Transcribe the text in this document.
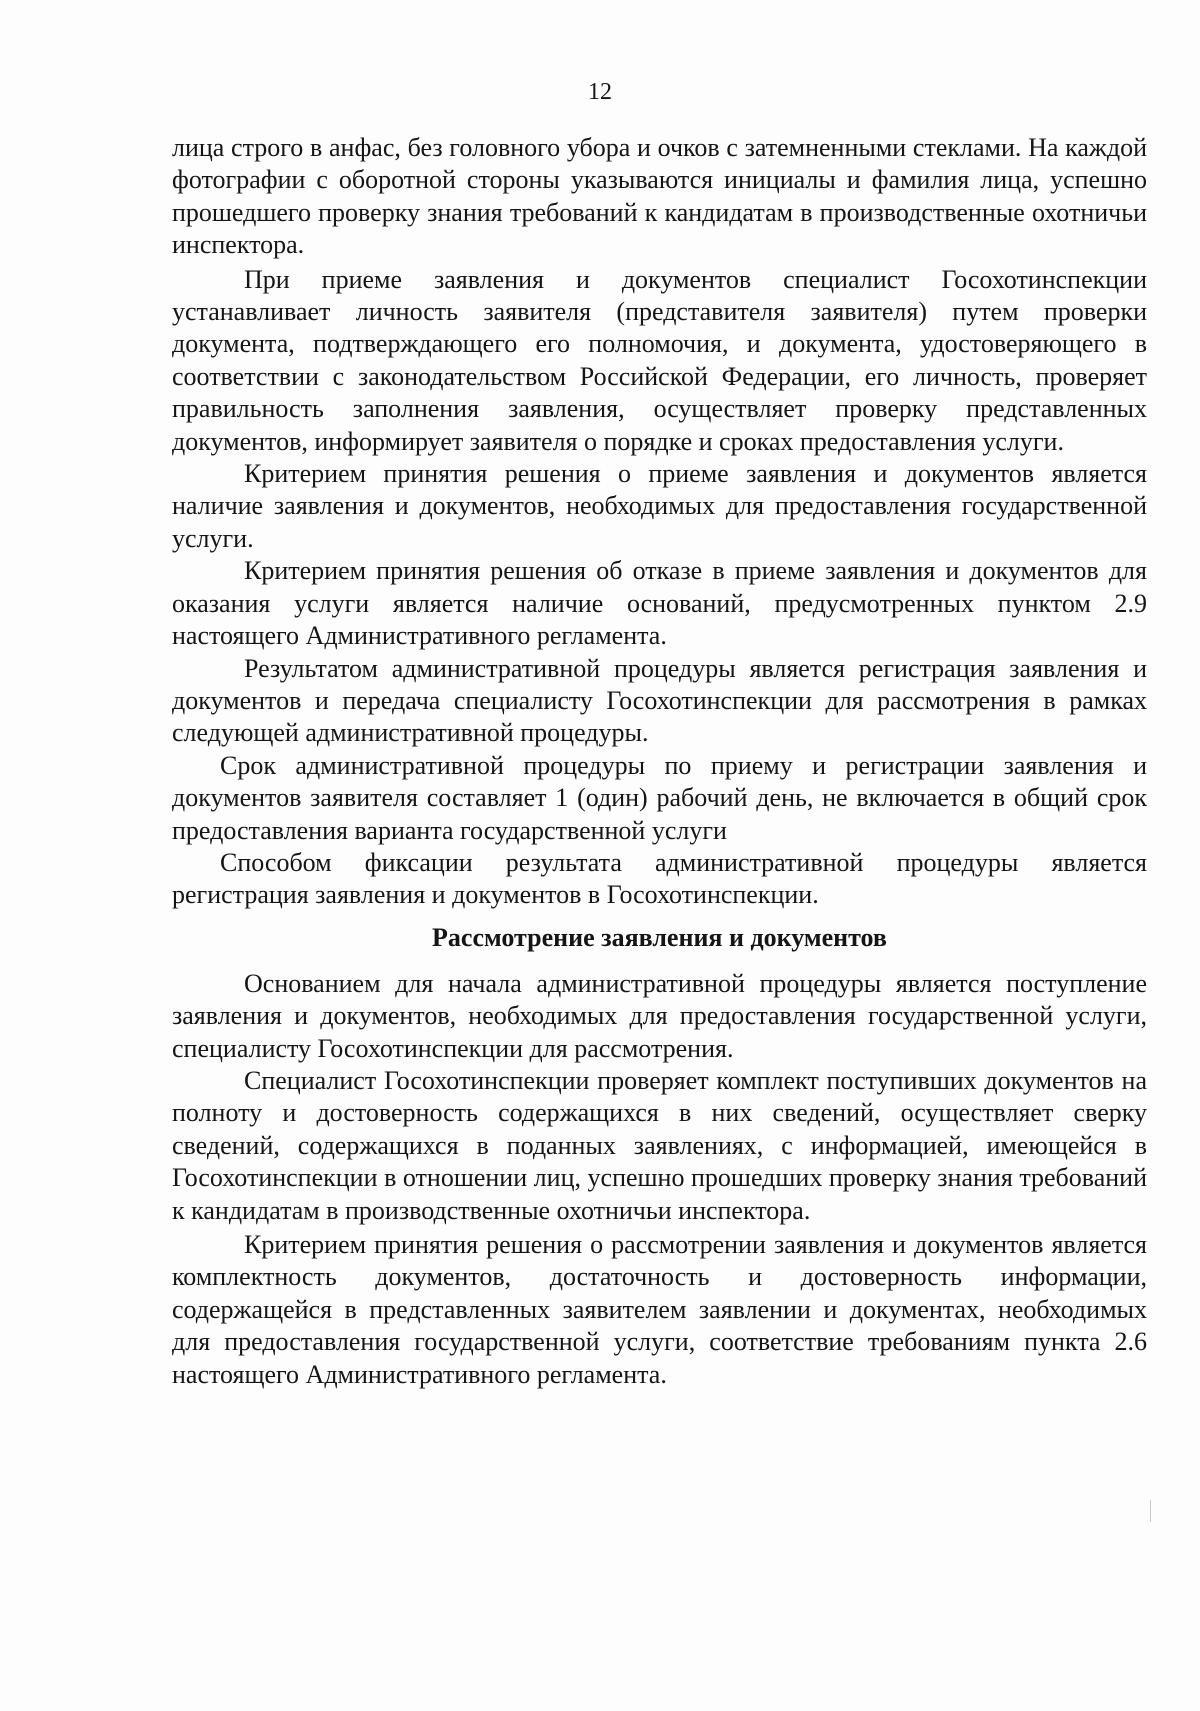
12

лица строго в анфас, без головного убора и очков с затемненными стеклами. На каждой фотографии с оборотной стороны указываются инициалы и фамилия лица, успешно прошедшего проверку знания требований к кандидатам в производственные охотничьи инспектора.

При приеме заявления и документов специалист Госохотинспекции устанавливает личность заявителя (представителя заявителя) путем проверки документа, подтверждающего его полномочия, и документа, удостоверяющего в соответствии с законодательством Российской Федерации, его личность, проверяет правильность заполнения заявления, осуществляет проверку представленных документов, информирует заявителя о порядке и сроках предоставления услуги.

Критерием принятия решения о приеме заявления и документов является наличие заявления и документов, необходимых для предоставления государственной услуги.

Критерием принятия решения об отказе в приеме заявления и документов для оказания услуги является наличие оснований, предусмотренных пунктом 2.9 настоящего Административного регламента.

Результатом административной процедуры является регистрация заявления и документов и передача специалисту Госохотинспекции для рассмотрения в рамках следующей административной процедуры.

Срок административной процедуры по приему и регистрации заявления и документов заявителя составляет 1 (один) рабочий день, не включается в общий срок предоставления варианта государственной услуги

Способом фиксации результата административной процедуры является регистрация заявления и документов в Госохотинспекции.

Рассмотрение заявления и документов

Основанием для начала административной процедуры является поступление заявления и документов, необходимых для предоставления государственной услуги, специалисту Госохотинспекции для рассмотрения.

Специалист Госохотинспекции проверяет комплект поступивших документов на полноту и достоверность содержащихся в них сведений, осуществляет сверку сведений, содержащихся в поданных заявлениях, с информацией, имеющейся в Госохотинспекции в отношении лиц, успешно прошедших проверку знания требований к кандидатам в производственные охотничьи инспектора.

Критерием принятия решения о рассмотрении заявления и документов является комплектность документов, достаточность и достоверность информации, содержащейся в представленных заявителем заявлении и документах, необходимых для предоставления государственной услуги, соответствие требованиям пункта 2.6 настоящего Административного регламента.
